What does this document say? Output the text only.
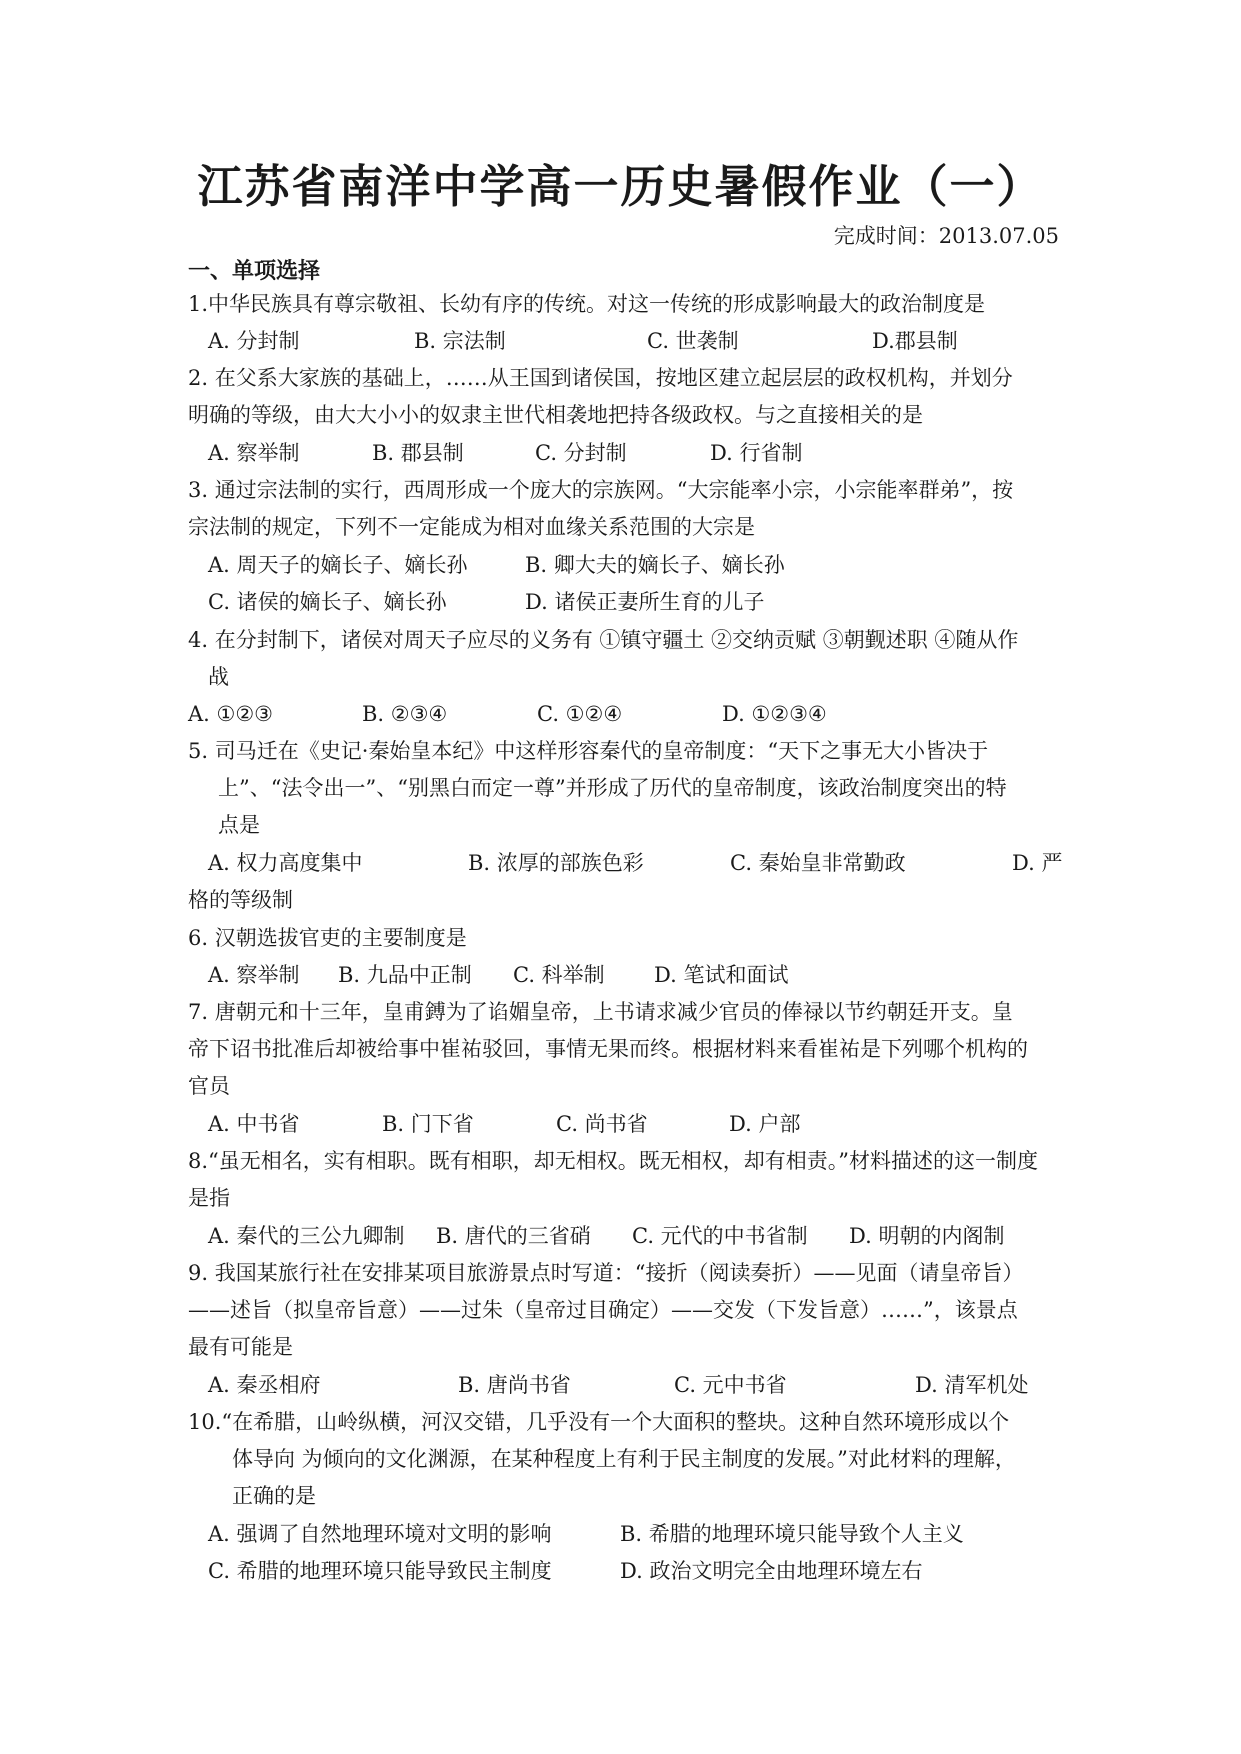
江苏省南洋中学高一历史暑假作业（一）
完成时间：2013.07.05
一、单项选择
1.中华民族具有尊宗敬祖、长幼有序的传统。对这一传统的形成影响最大的政治制度是
A. 分封制	B. 宗法制	C. 世袭制	D.郡县制
2. 在父系大家族的基础上，……从王国到诸侯国，按地区建立起层层的政权机构，并划分
明确的等级，由大大小小的奴隶主世代相袭地把持各级政权。与之直接相关的是
A. 察举制	B. 郡县制	C. 分封制	D. 行省制
3. 通过宗法制的实行，西周形成一个庞大的宗族网。“大宗能率小宗，小宗能率群弟”，按
宗法制的规定，下列不一定能成为相对血缘关系范围的大宗是
A. 周天子的嫡长子、嫡长孙	B. 卿大夫的嫡长子、嫡长孙
C. 诸侯的嫡长子、嫡长孙	D. 诸侯正妻所生育的儿子
4. 在分封制下，诸侯对周天子应尽的义务有 ①镇守疆土 ②交纳贡赋 ③朝觐述职 ④随从作
战
A. ①②③	B. ②③④	C. ①②④	D. ①②③④
5. 司马迁在《史记·秦始皇本纪》中这样形容秦代的皇帝制度：“天下之事无大小皆决于
上”、“法令出一”、“别黑白而定一尊”并形成了历代的皇帝制度，该政治制度突出的特
点是
A. 权力高度集中	B. 浓厚的部族色彩	C. 秦始皇非常勤政	D. 严
格的等级制
6. 汉朝选拔官吏的主要制度是
A. 察举制 B. 九品中正制 C. 科举制 D. 笔试和面试
7. 唐朝元和十三年，皇甫鎛为了谄媚皇帝，上书请求减少官员的俸禄以节约朝廷开支。皇
帝下诏书批准后却被给事中崔祐驳回，事情无果而终。根据材料来看崔祐是下列哪个机构的
官员
A. 中书省	B. 门下省	C. 尚书省	D. 户部
8.“虽无相名，实有相职。既有相职，却无相权。既无相权，却有相责。”材料描述的这一制度
是指
A. 秦代的三公九卿制 B. 唐代的三省硝 C. 元代的中书省制 D. 明朝的内阁制
9. 我国某旅行社在安排某项目旅游景点时写道：“接折（阅读奏折）——见面（请皇帝旨）
——述旨（拟皇帝旨意）——过朱（皇帝过目确定）——交发（下发旨意）……”，该景点
最有可能是
A. 秦丞相府	B. 唐尚书省	C. 元中书省	D. 清军机处
10.“在希腊，山岭纵横，河汉交错，几乎没有一个大面积的整块。这种自然环境形成以个
体导向 为倾向的文化渊源，在某种程度上有利于民主制度的发展。”对此材料的理解，
正确的是
A. 强调了自然地理环境对文明的影响	B. 希腊的地理环境只能导致个人主义
C. 希腊的地理环境只能导致民主制度	D. 政治文明完全由地理环境左右
